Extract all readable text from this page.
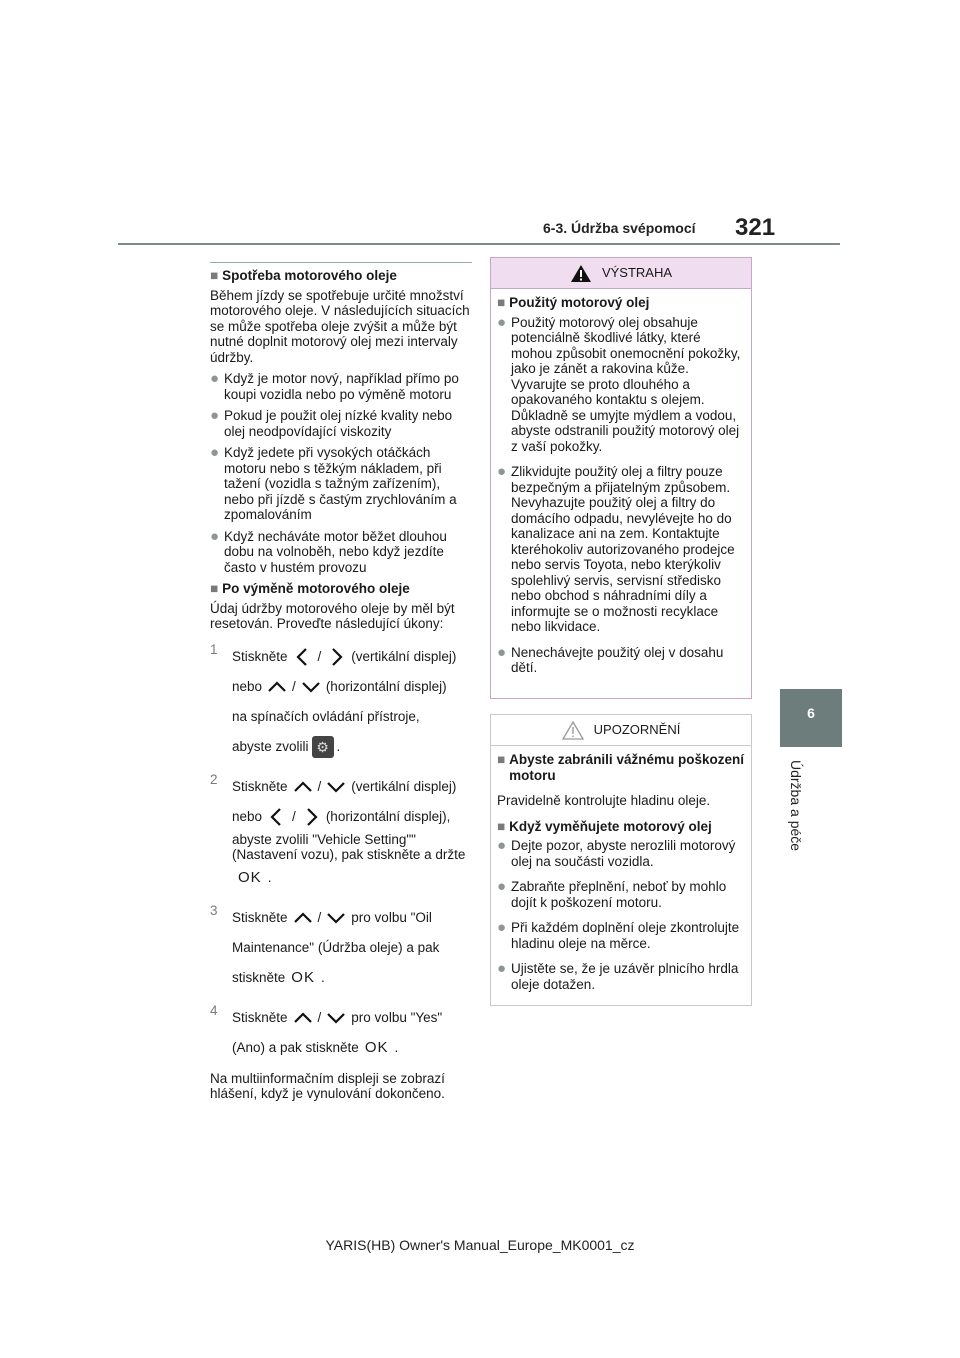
6-3. Údržba svépomocí 321
6
Údržba a péče
■ Spotřeba motorového oleje

Během jízdy se spotřebuje určité množství motorového oleje. V následujících situacích se může spotřeba oleje zvýšit a může být nutné doplnit motorový olej mezi intervaly údržby.

● Když je motor nový, například přímo po koupi vozidla nebo po výměně motoru
● Pokud je použit olej nízké kvality nebo olej neodpovídající viskozity
● Když jedete při vysokých otáčkách motoru nebo s těžkým nákladem, při tažení (vozidla s tažným zařízením), nebo při jízdě s častým zrychlováním a zpomalováním
● Když necháváte motor běžet dlouhou dobu na volnoběh, nebo když jezdíte často v hustém provozu
■ Po výměně motorového oleje

Údaj údržby motorového oleje by měl být resetován. Proveďte následující úkony:

1	Stiskněte / (vertikální displej)
nebo / (horizontální displej)
na spínačích ovládání přístroje,
abyste zvolili ⚙ .
2	Stiskněte / (vertikální displej)
nebo / (horizontální displej),
abyste zvolili "Vehicle Setting"" (Nastavení vozu), pak stiskněte a držte
OK .
3	Stiskněte / pro volbu "Oil
Maintenance" (Údržba oleje) a pak
stiskněte OK .
4	Stiskněte / pro volbu "Yes"
(Ano) a pak stiskněte OK .

Na multiinformačním displeji se zobrazí hlášení, když je vynulování dokončeno.

VÝSTRAHA
■ Použitý motorový olej
● Použitý motorový olej obsahuje potenciálně škodlivé látky, které mohou způsobit onemocnění pokožky, jako je zánět a rakovina kůže. Vyvarujte se proto dlouhého a opakovaného kontaktu s olejem. Důkladně se umyjte mýdlem a vodou, abyste odstranili použitý motorový olej z vaší pokožky.
● Zlikvidujte použitý olej a filtry pouze bezpečným a přijatelným způsobem. Nevyhazujte použitý olej a filtry do domácího odpadu, nevylévejte ho do kanalizace ani na zem. Kontaktujte kteréhokoliv autorizovaného prodejce nebo servis Toyota, nebo kterýkoliv spolehlivý servis, servisní středisko nebo obchod s náhradními díly a informujte se o možnosti recyklace nebo likvidace.
● Nenechávejte použitý olej v dosahu dětí.
UPOZORNĚNÍ
■ Abyste zabránili vážnému poškození motoru

Pravidelně kontrolujte hladinu oleje.

■ Když vyměňujete motorový olej
● Dejte pozor, abyste nerozlili motorový olej na součásti vozidla.
● Zabraňte přeplnění, neboť by mohlo dojít k poškození motoru.
● Při každém doplnění oleje zkontrolujte hladinu oleje na měrce.
● Ujistěte se, že je uzávěr plnicího hrdla oleje dotažen.
YARIS(HB) Owner's Manual_Europe_MK0001_cz
